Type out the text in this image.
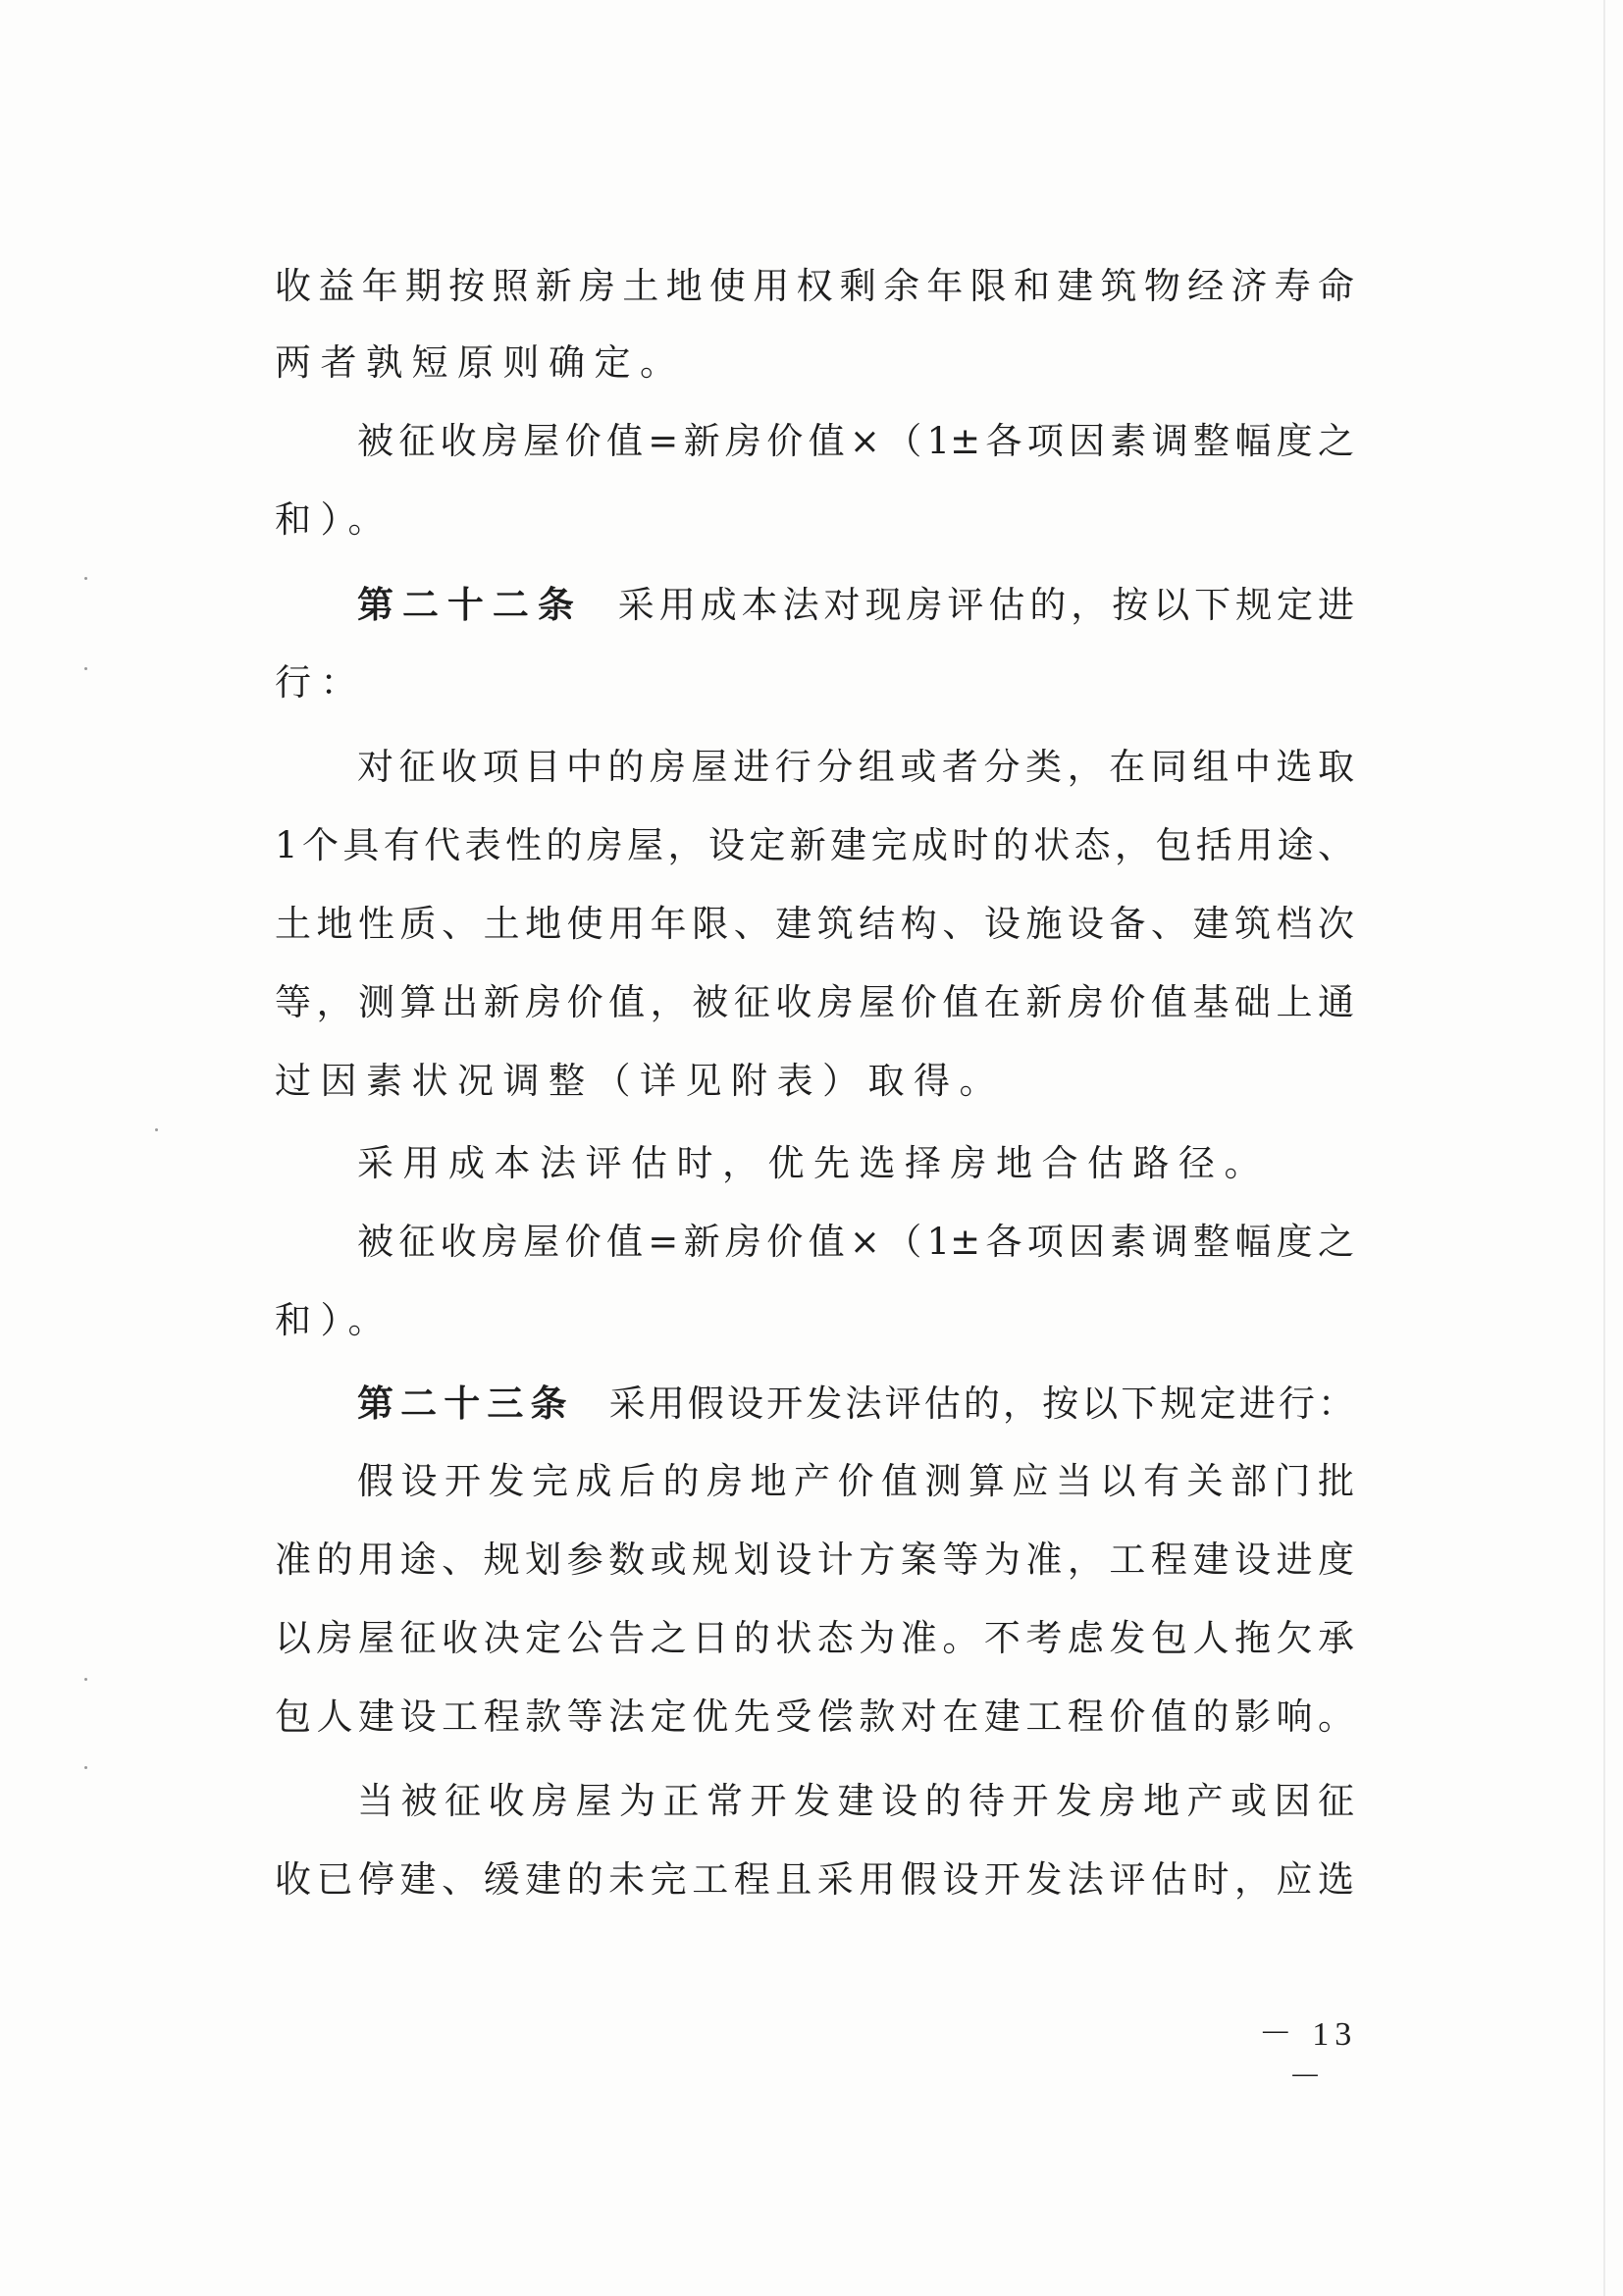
收益年期按照新房土地使用权剩余年限和建筑物经济寿命
两者孰短原则确定。
被征收房屋价值=新房价值×（1±各项因素调整幅度之
和）。
第二十二条 采用成本法对现房评估的，按以下规定进
行：
对征收项目中的房屋进行分组或者分类，在同组中选取
1个具有代表性的房屋，设定新建完成时的状态，包括用途、
土地性质、土地使用年限、建筑结构、设施设备、建筑档次
等，测算出新房价值，被征收房屋价值在新房价值基础上通
过因素状况调整（详见附表）取得。
采用成本法评估时，优先选择房地合估路径。
被征收房屋价值=新房价值×（1±各项因素调整幅度之
和）。
第二十三条 采用假设开发法评估的，按以下规定进行：
假设开发完成后的房地产价值测算应当以有关部门批
准的用途、规划参数或规划设计方案等为准，工程建设进度
以房屋征收决定公告之日的状态为准。不考虑发包人拖欠承
包人建设工程款等法定优先受偿款对在建工程价值的影响。
当被征收房屋为正常开发建设的待开发房地产或因征
收已停建、缓建的未完工程且采用假设开发法评估时，应选
－ 13 －
